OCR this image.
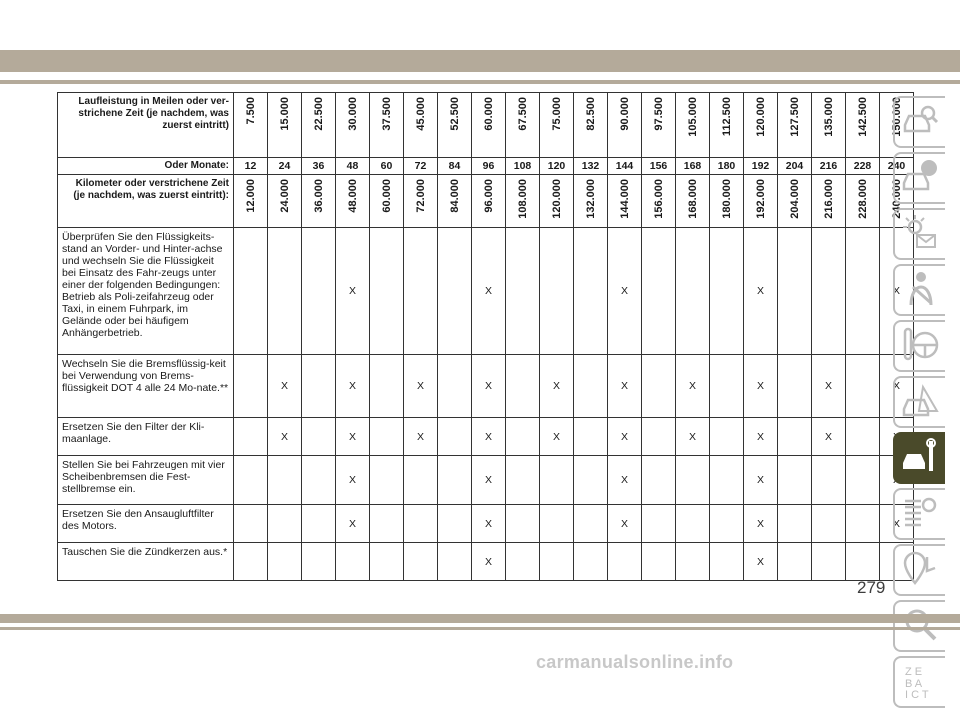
Laufleistung in Meilen oder ver-strichene Zeit (je nachdem, was zuerst eintritt)	7.500	15.000	22.500	30.000	37.500	45.000	52.500	60.000	67.500	75.000	82.500	90.000	97.500	105.000	112.500	120.000	127.500	135.000	142.500	150.000

Oder Monate:	12	24	36	48	60	72	84	96	108	120	132	144	156	168	180	192	204	216	228	240
Kilometer oder verstrichene Zeit (je nachdem, was zuerst eintritt):	12.000	24.000	36.000	48.000	60.000	72.000	84.000	96.000	108.000	120.000	132.000	144.000	156.000	168.000	180.000	192.000	204.000	216.000	228.000	240.000

Überprüfen Sie den Flüssigkeits-stand an Vorder- und Hinter-achse und wechseln Sie die Flüssigkeit bei Einsatz des Fahr-zeugs unter einer der folgenden Bedingungen: Betrieb als Poli-zeifahrzeug oder Taxi, in einem Fuhrpark, im Gelände oder bei häufigem Anhängerbetrieb.				X				X				X				X				X
Wechseln Sie die Bremsflüssig-keit bei Verwendung von Brems-flüssigkeit DOT 4 alle 24 Mo-nate.**		X		X		X		X		X		X		X		X		X		X
Ersetzen Sie den Filter der Kli-maanlage.		X		X		X		X		X		X		X		X		X		
Stellen Sie bei Fahrzeugen mit vier Scheibenbremsen die Fest-stellbremse ein.				X				X				X				X				
Ersetzen Sie den Ansaugluftfilter des Motors.				X				X				X				X				X
Tauschen Sie die Zündkerzen aus.*								X								X				
Z E
B A
I C T
279
carmanualsonline.info
